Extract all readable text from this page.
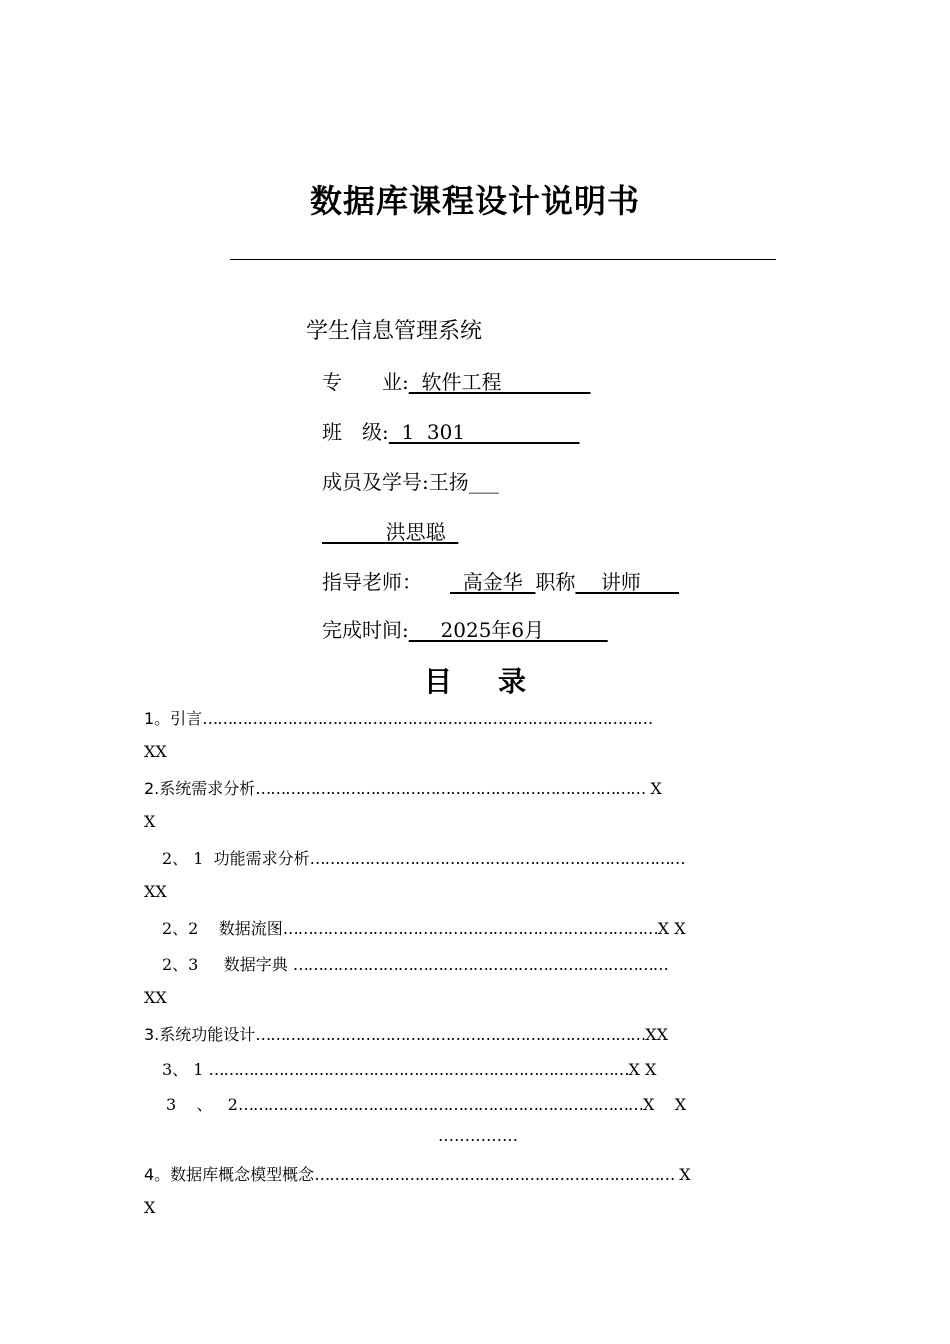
数据库课程设计说明书
学生信息管理系统
专　　业:  软件工程
班　级:  1  301
成员及学号:王扬___
洪思聪
指导老师：  高金华  职称    讲师
完成时间:     2025年6月
目 录
1。引言………………………………………………………………………………
XX
2.系统需求分析…………………………………………………………………… X
X
2、 1  功能需求分析…………………………………………………………………
XX
2、2    数据流图…………………………………………………………………X X
2、3     数据字典 …………………………………………………………………
XX
3.系统功能设计……………………………………………………………………XX
3、 1 …………………………………………………………………………X X
3    、   2………………………………………………………………………X    X
……………
4。数据库概念模型概念……………………………………………………………… X
X
